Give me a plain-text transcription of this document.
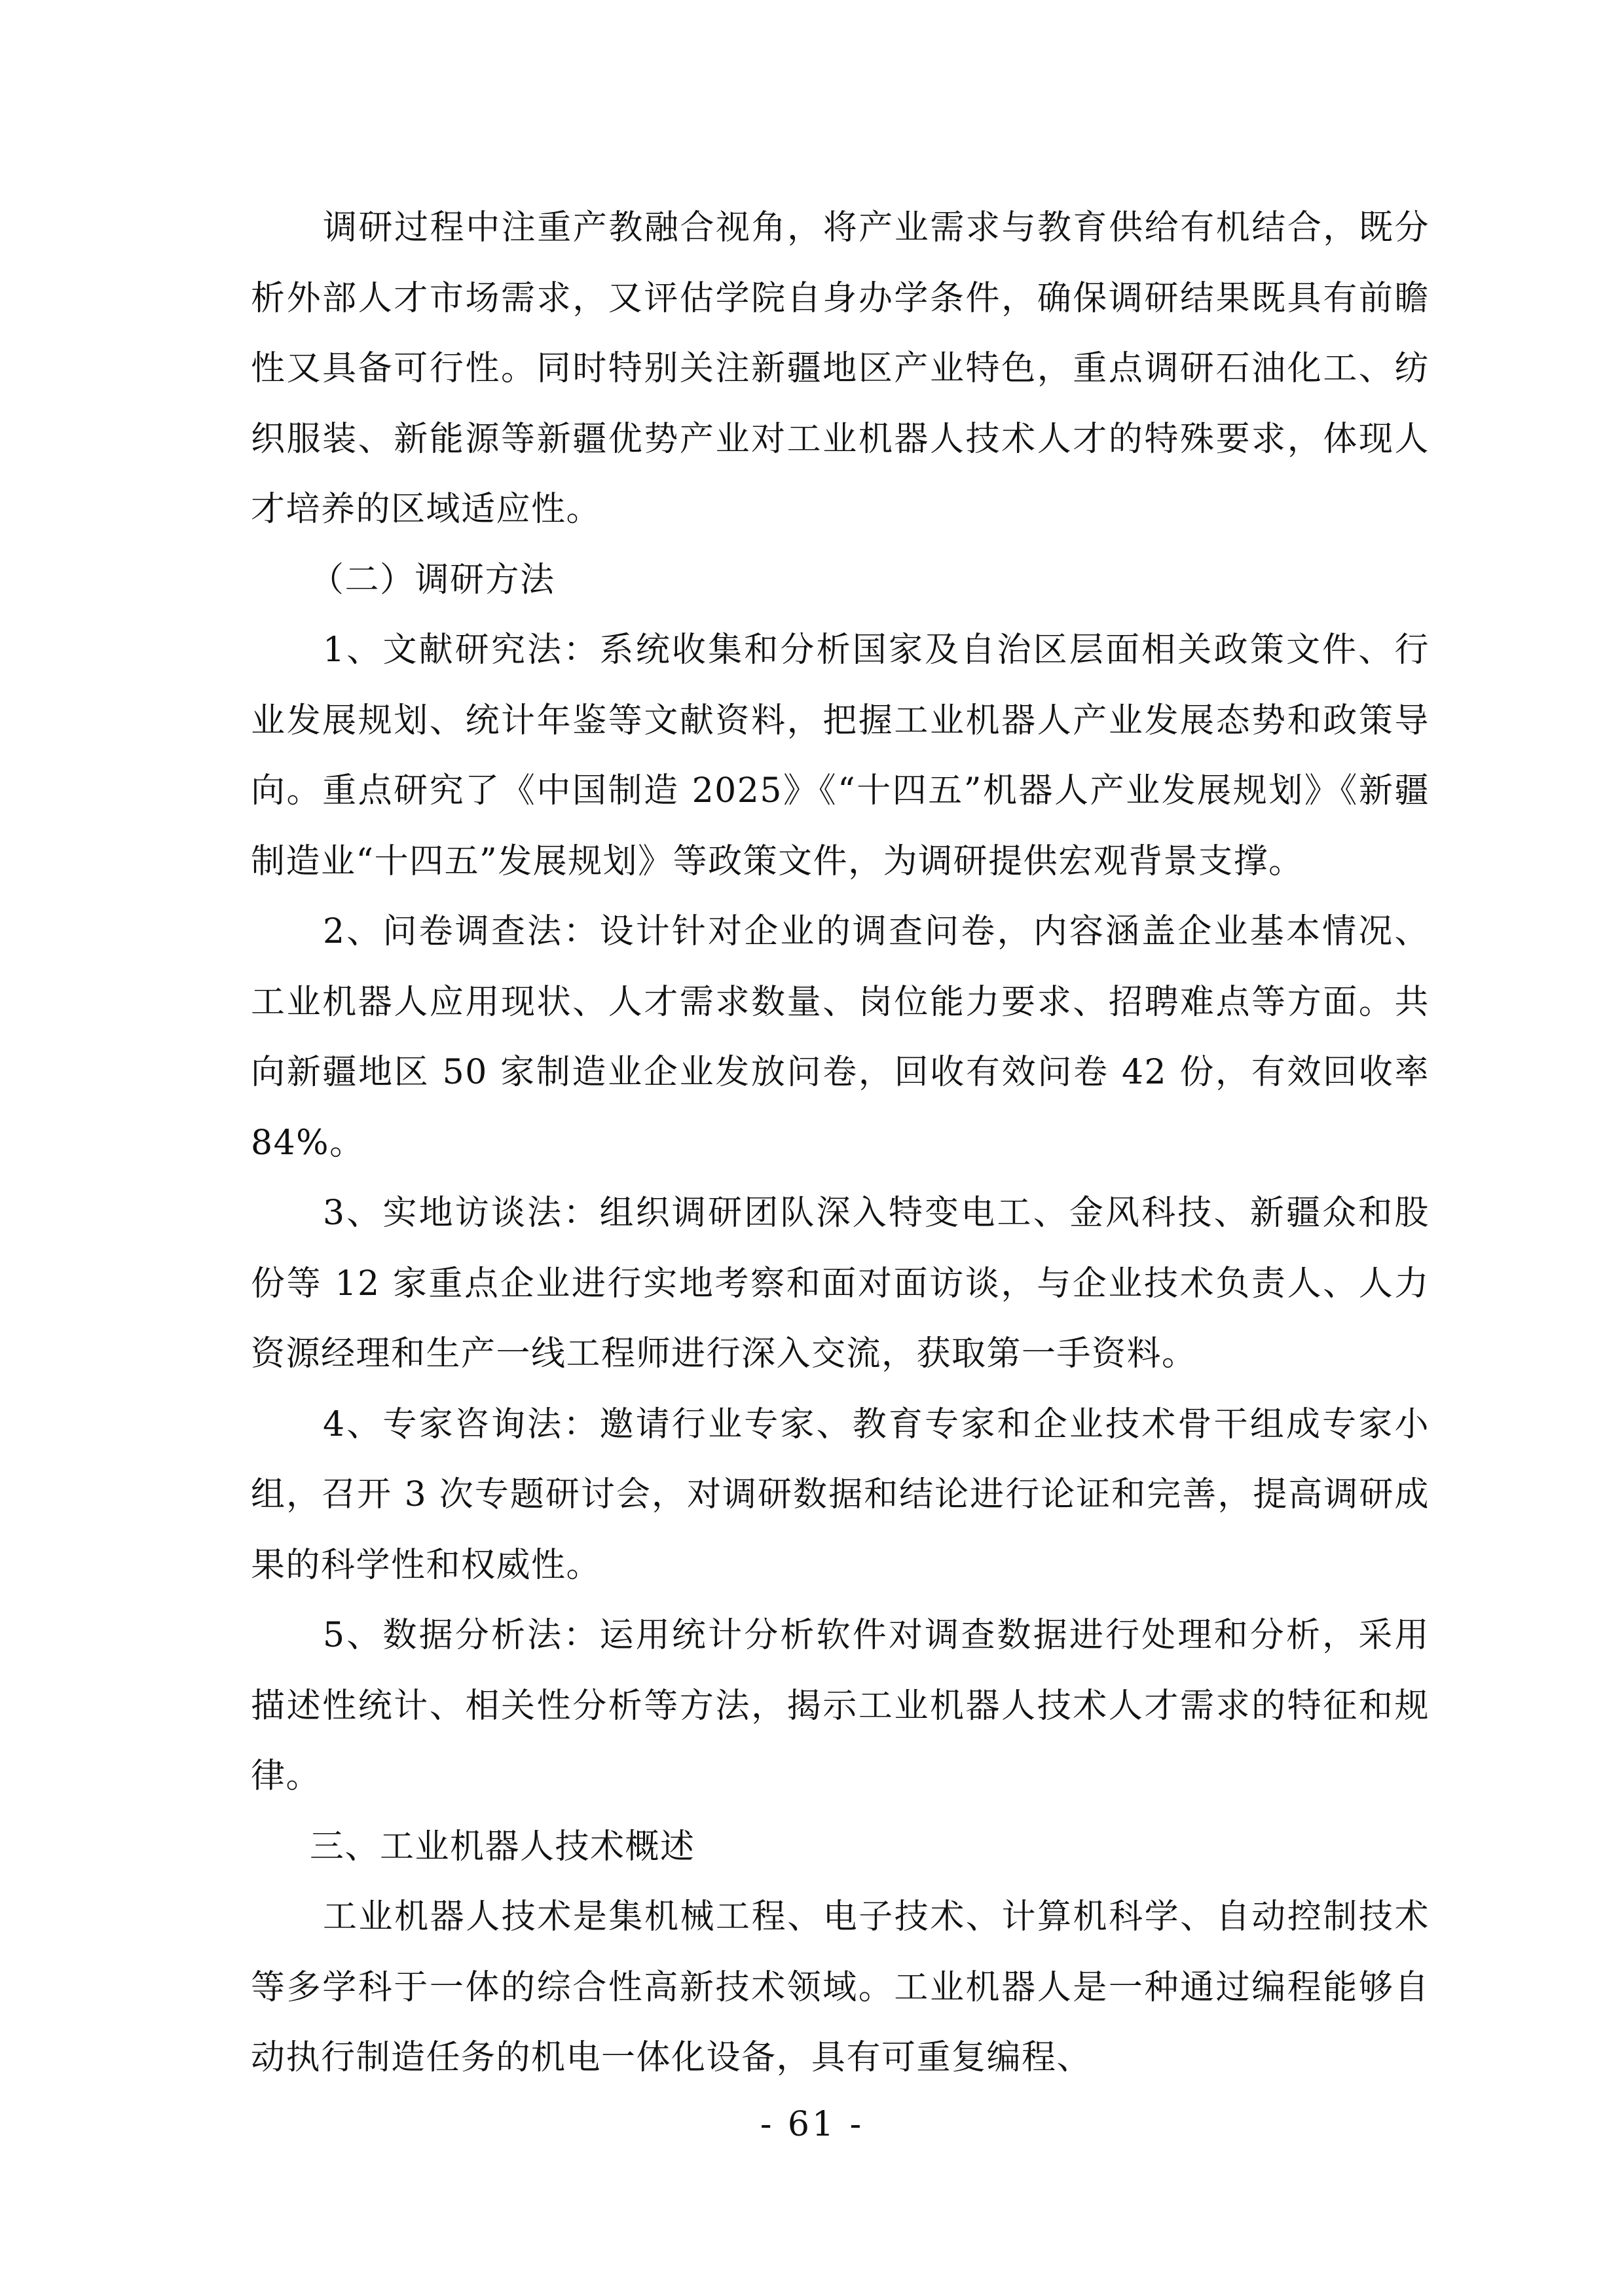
调研过程中注重产教融合视角，将产业需求与教育供给有机结合，既分析外部人才市场需求，又评估学院自身办学条件，确保调研结果既具有前瞻性又具备可行性。同时特别关注新疆地区产业特色，重点调研石油化工、纺织服装、新能源等新疆优势产业对工业机器人技术人才的特殊要求，体现人才培养的区域适应性。

（二）调研方法

1、文献研究法：系统收集和分析国家及自治区层面相关政策文件、行业发展规划、统计年鉴等文献资料，把握工业机器人产业发展态势和政策导向。重点研究了《中国制造 2025》《“十四五”机器人产业发展规划》《新疆制造业“十四五”发展规划》等政策文件，为调研提供宏观背景支撑。

2、问卷调查法：设计针对企业的调查问卷，内容涵盖企业基本情况、工业机器人应用现状、人才需求数量、岗位能力要求、招聘难点等方面。共向新疆地区 50 家制造业企业发放问卷，回收有效问卷 42 份，有效回收率 84%。

3、实地访谈法：组织调研团队深入特变电工、金风科技、新疆众和股份等 12 家重点企业进行实地考察和面对面访谈，与企业技术负责人、人力资源经理和生产一线工程师进行深入交流，获取第一手资料。

4、专家咨询法：邀请行业专家、教育专家和企业技术骨干组成专家小组，召开 3 次专题研讨会，对调研数据和结论进行论证和完善，提高调研成果的科学性和权威性。

5、数据分析法：运用统计分析软件对调查数据进行处理和分析，采用描述性统计、相关性分析等方法，揭示工业机器人技术人才需求的特征和规律。

三、工业机器人技术概述

工业机器人技术是集机械工程、电子技术、计算机科学、自动控制技术等多学科于一体的综合性高新技术领域。工业机器人是一种通过编程能够自动执行制造任务的机电一体化设备，具有可重复编程、

- 61 -
